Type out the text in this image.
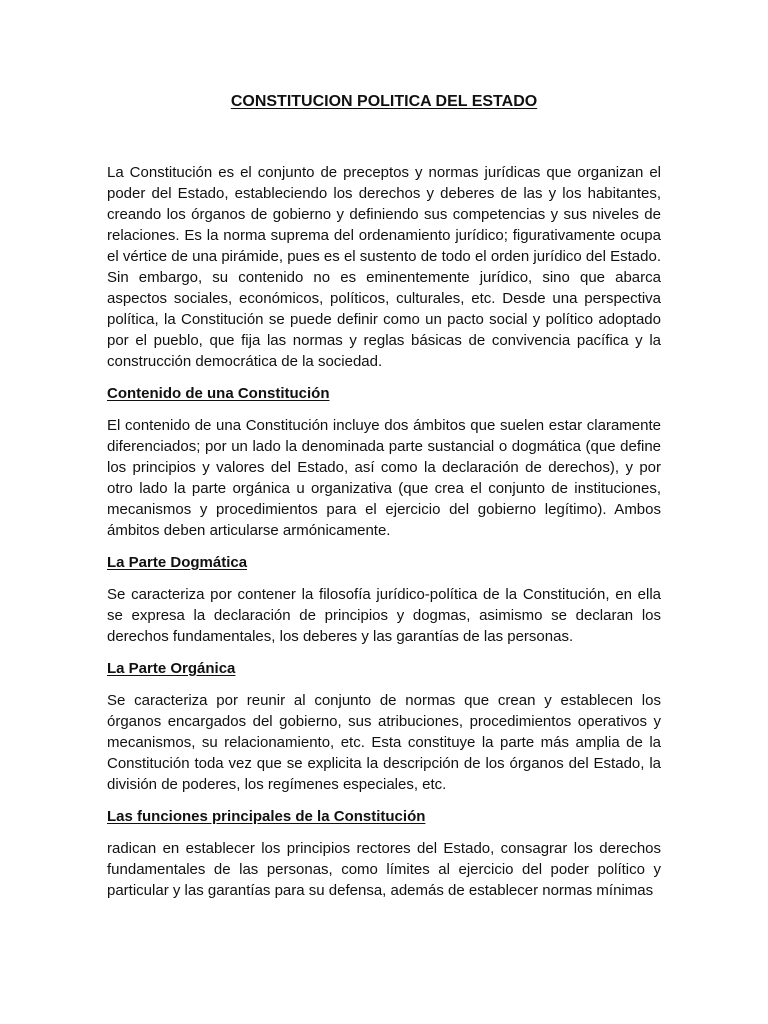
CONSTITUCION POLITICA DEL ESTADO

La Constitución es el conjunto de preceptos y normas jurídicas que organizan el poder del Estado, estableciendo los derechos y deberes de las y los habitantes, creando los órganos de gobierno y definiendo sus competencias y sus niveles de relaciones. Es la norma suprema del ordenamiento jurídico; figurativamente ocupa el vértice de una pirámide, pues es el sustento de todo el orden jurídico del Estado. Sin embargo, su contenido no es eminentemente jurídico, sino que abarca aspectos sociales, económicos, políticos, culturales, etc. Desde una perspectiva política, la Constitución se puede definir como un pacto social y político adoptado por el pueblo, que fija las normas y reglas básicas de convivencia pacífica y la construcción democrática de la sociedad.

Contenido de una Constitución

El contenido de una Constitución incluye dos ámbitos que suelen estar claramente diferenciados; por un lado la denominada parte sustancial o dogmática (que define los principios y valores del Estado, así como la declaración de derechos), y por otro lado la parte orgánica u organizativa (que crea el conjunto de instituciones, mecanismos y procedimientos para el ejercicio del gobierno legítimo). Ambos ámbitos deben articularse armónicamente.

La Parte Dogmática

Se caracteriza por contener la filosofía jurídico-política de la Constitución, en ella se expresa la declaración de principios y dogmas, asimismo se declaran los derechos fundamentales, los deberes y las garantías de las personas.

La Parte Orgánica

Se caracteriza por reunir al conjunto de normas que crean y establecen los órganos encargados del gobierno, sus atribuciones, procedimientos operativos y mecanismos, su relacionamiento, etc. Esta constituye la parte más amplia de la Constitución toda vez que se explicita la descripción de los órganos del Estado, la división de poderes, los regímenes especiales, etc.

Las funciones principales de la Constitución

radican en establecer los principios rectores del Estado, consagrar los derechos fundamentales de las personas, como límites al ejercicio del poder político y particular y las garantías para su defensa, además de establecer normas mínimas
